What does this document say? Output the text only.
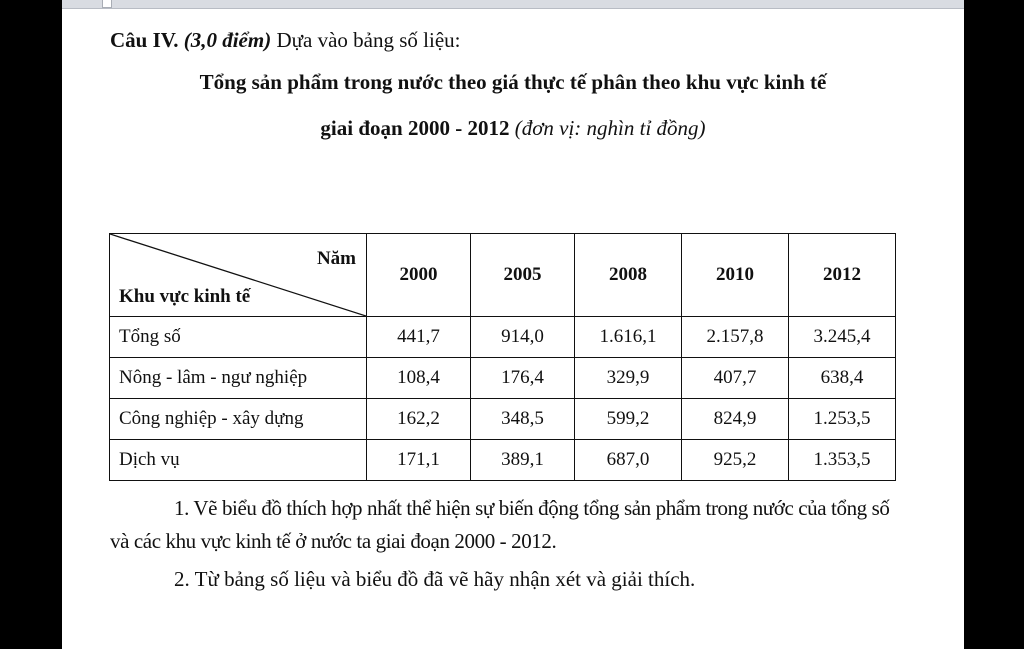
Câu IV. (3,0 điểm) Dựa vào bảng số liệu:
Tổng sản phẩm trong nước theo giá thực tế phân theo khu vực kinh tế
giai đoạn 2000 - 2012 (đơn vị: nghìn tỉ đồng)
Năm
Khu vực kinh tế	2000	2005	2008	2010	2012
Tổng số	441,7	914,0	1.616,1	2.157,8	3.245,4
Nông - lâm - ngư nghiệp	108,4	176,4	329,9	407,7	638,4
Công nghiệp - xây dựng	162,2	348,5	599,2	824,9	1.253,5
Dịch vụ	171,1	389,1	687,0	925,2	1.353,5
1. Vẽ biểu đồ thích hợp nhất thể hiện sự biến động tổng sản phẩm trong nước của tổng số và các khu vực kinh tế ở nước ta giai đoạn 2000 - 2012.
2. Từ bảng số liệu và biểu đồ đã vẽ hãy nhận xét và giải thích.
